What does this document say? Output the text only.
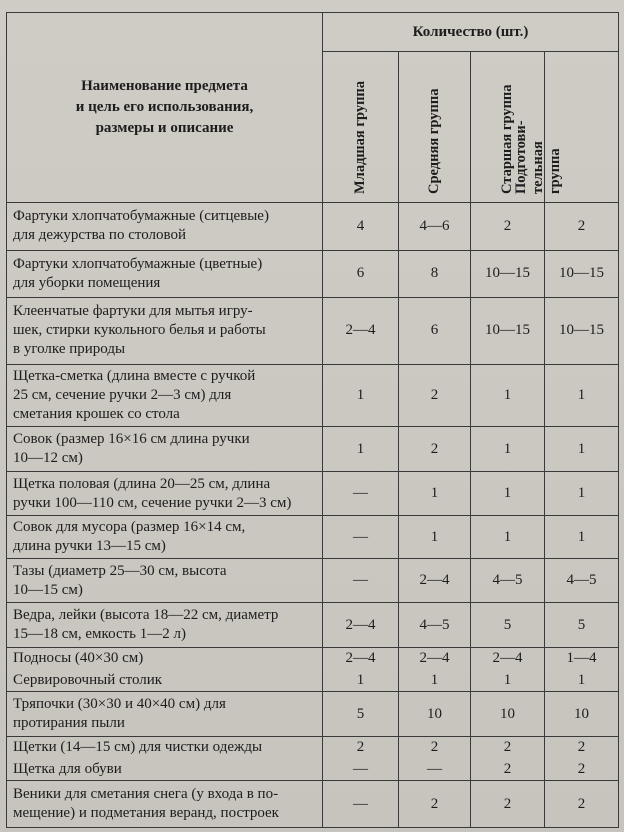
Наименование предмета
и цель его использования,
размеры и описание	Количество (шт.)			

	Младшая группа	Средняя группа	Старшая группа	Подготови- тельная группа

Фартуки хлопчатобумажные (ситцевые)
для дежурства по столовой	4	4—6	2	2

Фартуки хлопчатобумажные (цветные)
для уборки помещения	6	8	10—15	10—15

Клеенчатые фартуки для мытья игру-
шек, стирки кукольного белья и работы
в уголке природы	2—4	6	10—15	10—15

Щетка-сметка (длина вместе с ручкой
25 см, сечение ручки 2—3 см) для
сметания крошек со стола	1	2	1	1

Совок (размер 16×16 см длина ручки
10—12 см)	1	2	1	1

Щетка половая (длина 20—25 см, длина
ручки 100—110 см, сечение ручки 2—3 см)	—	1	1	1

Совок для мусора (размер 16×14 см,
длина ручки 13—15 см)	—	1	1	1

Тазы (диаметр 25—30 см, высота
10—15 см)	—	2—4	4—5	4—5

Ведра, лейки (высота 18—22 см, диаметр
15—18 см, емкость 1—2 л)	2—4	4—5	5	5

Подносы (40×30 см)	2—4	2—4	2—4	1—4

Сервировочный столик	1	1	1	1

Тряпочки (30×30 и 40×40 см) для
протирания пыли	5	10	10	10

Щетки (14—15 см) для чистки одежды	2	2	2	2

Щетка для обуви	—	—	2	2

Веники для сметания снега (у входа в по-
мещение) и подметания веранд, построек	—	2	2	2
